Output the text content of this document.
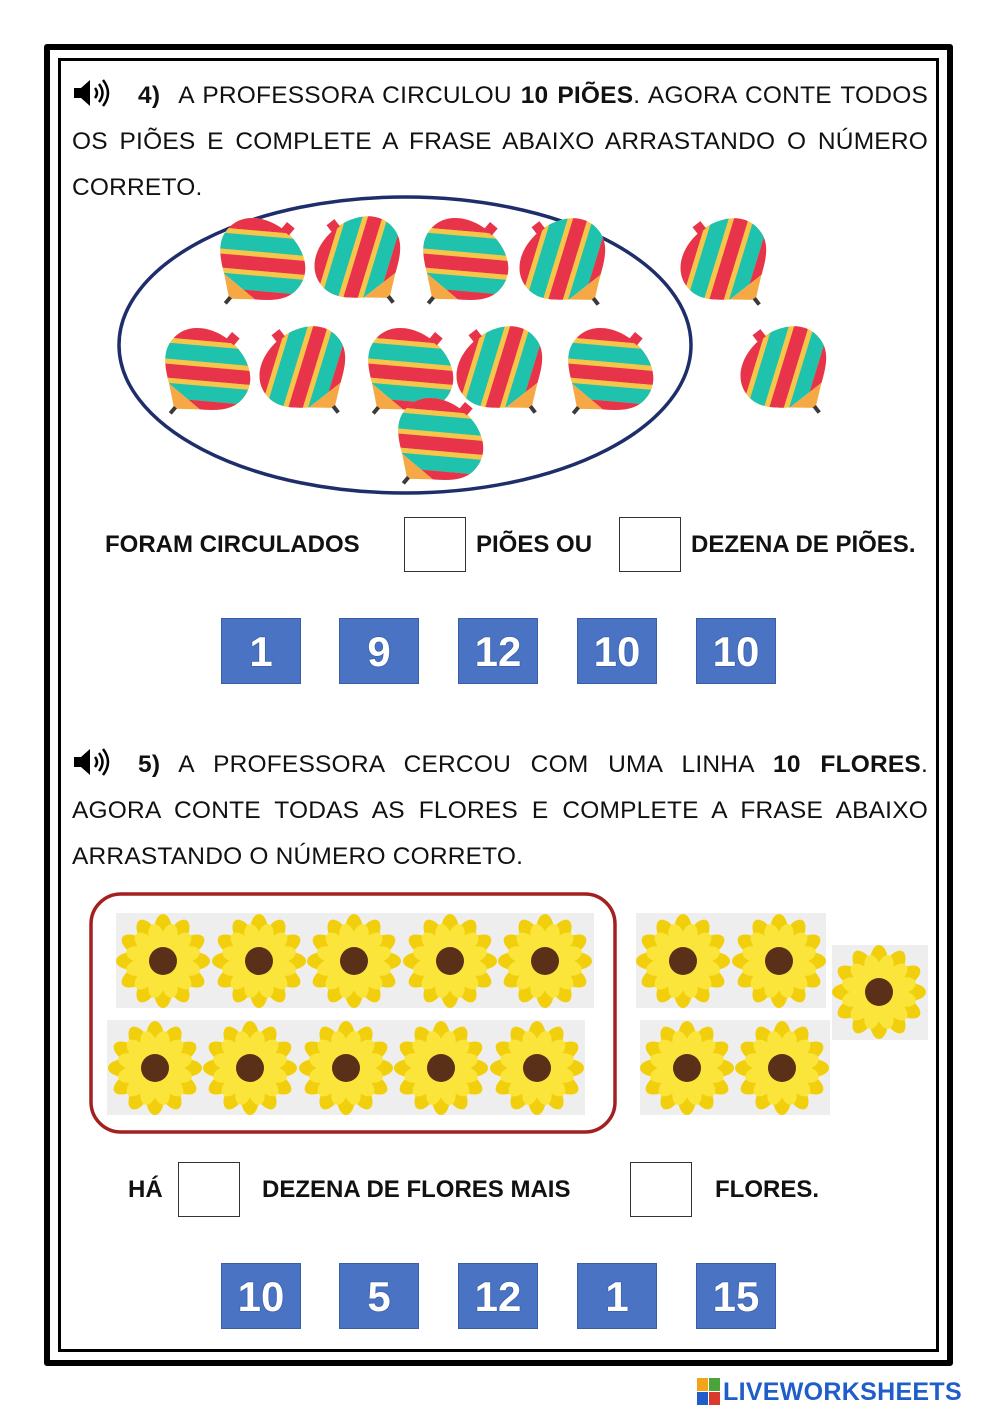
4) A PROFESSORA CIRCULOU 10 PIÕES. AGORA CONTE TODOS OS PIÕES E COMPLETE A FRASE ABAIXO ARRASTANDO O NÚMERO CORRETO.
FORAM CIRCULADOS	PIÕES OU	DEZENA DE PIÕES.
1	9	12	10	10
5) A PROFESSORA CERCOU COM UMA LINHA 10 FLORES. AGORA CONTE TODAS AS FLORES E COMPLETE A FRASE ABAIXO ARRASTANDO O NÚMERO CORRETO.
HÁ	DEZENA DE FLORES MAIS	FLORES.
10	5	12	1	15
LIVEWORKSHEETS
